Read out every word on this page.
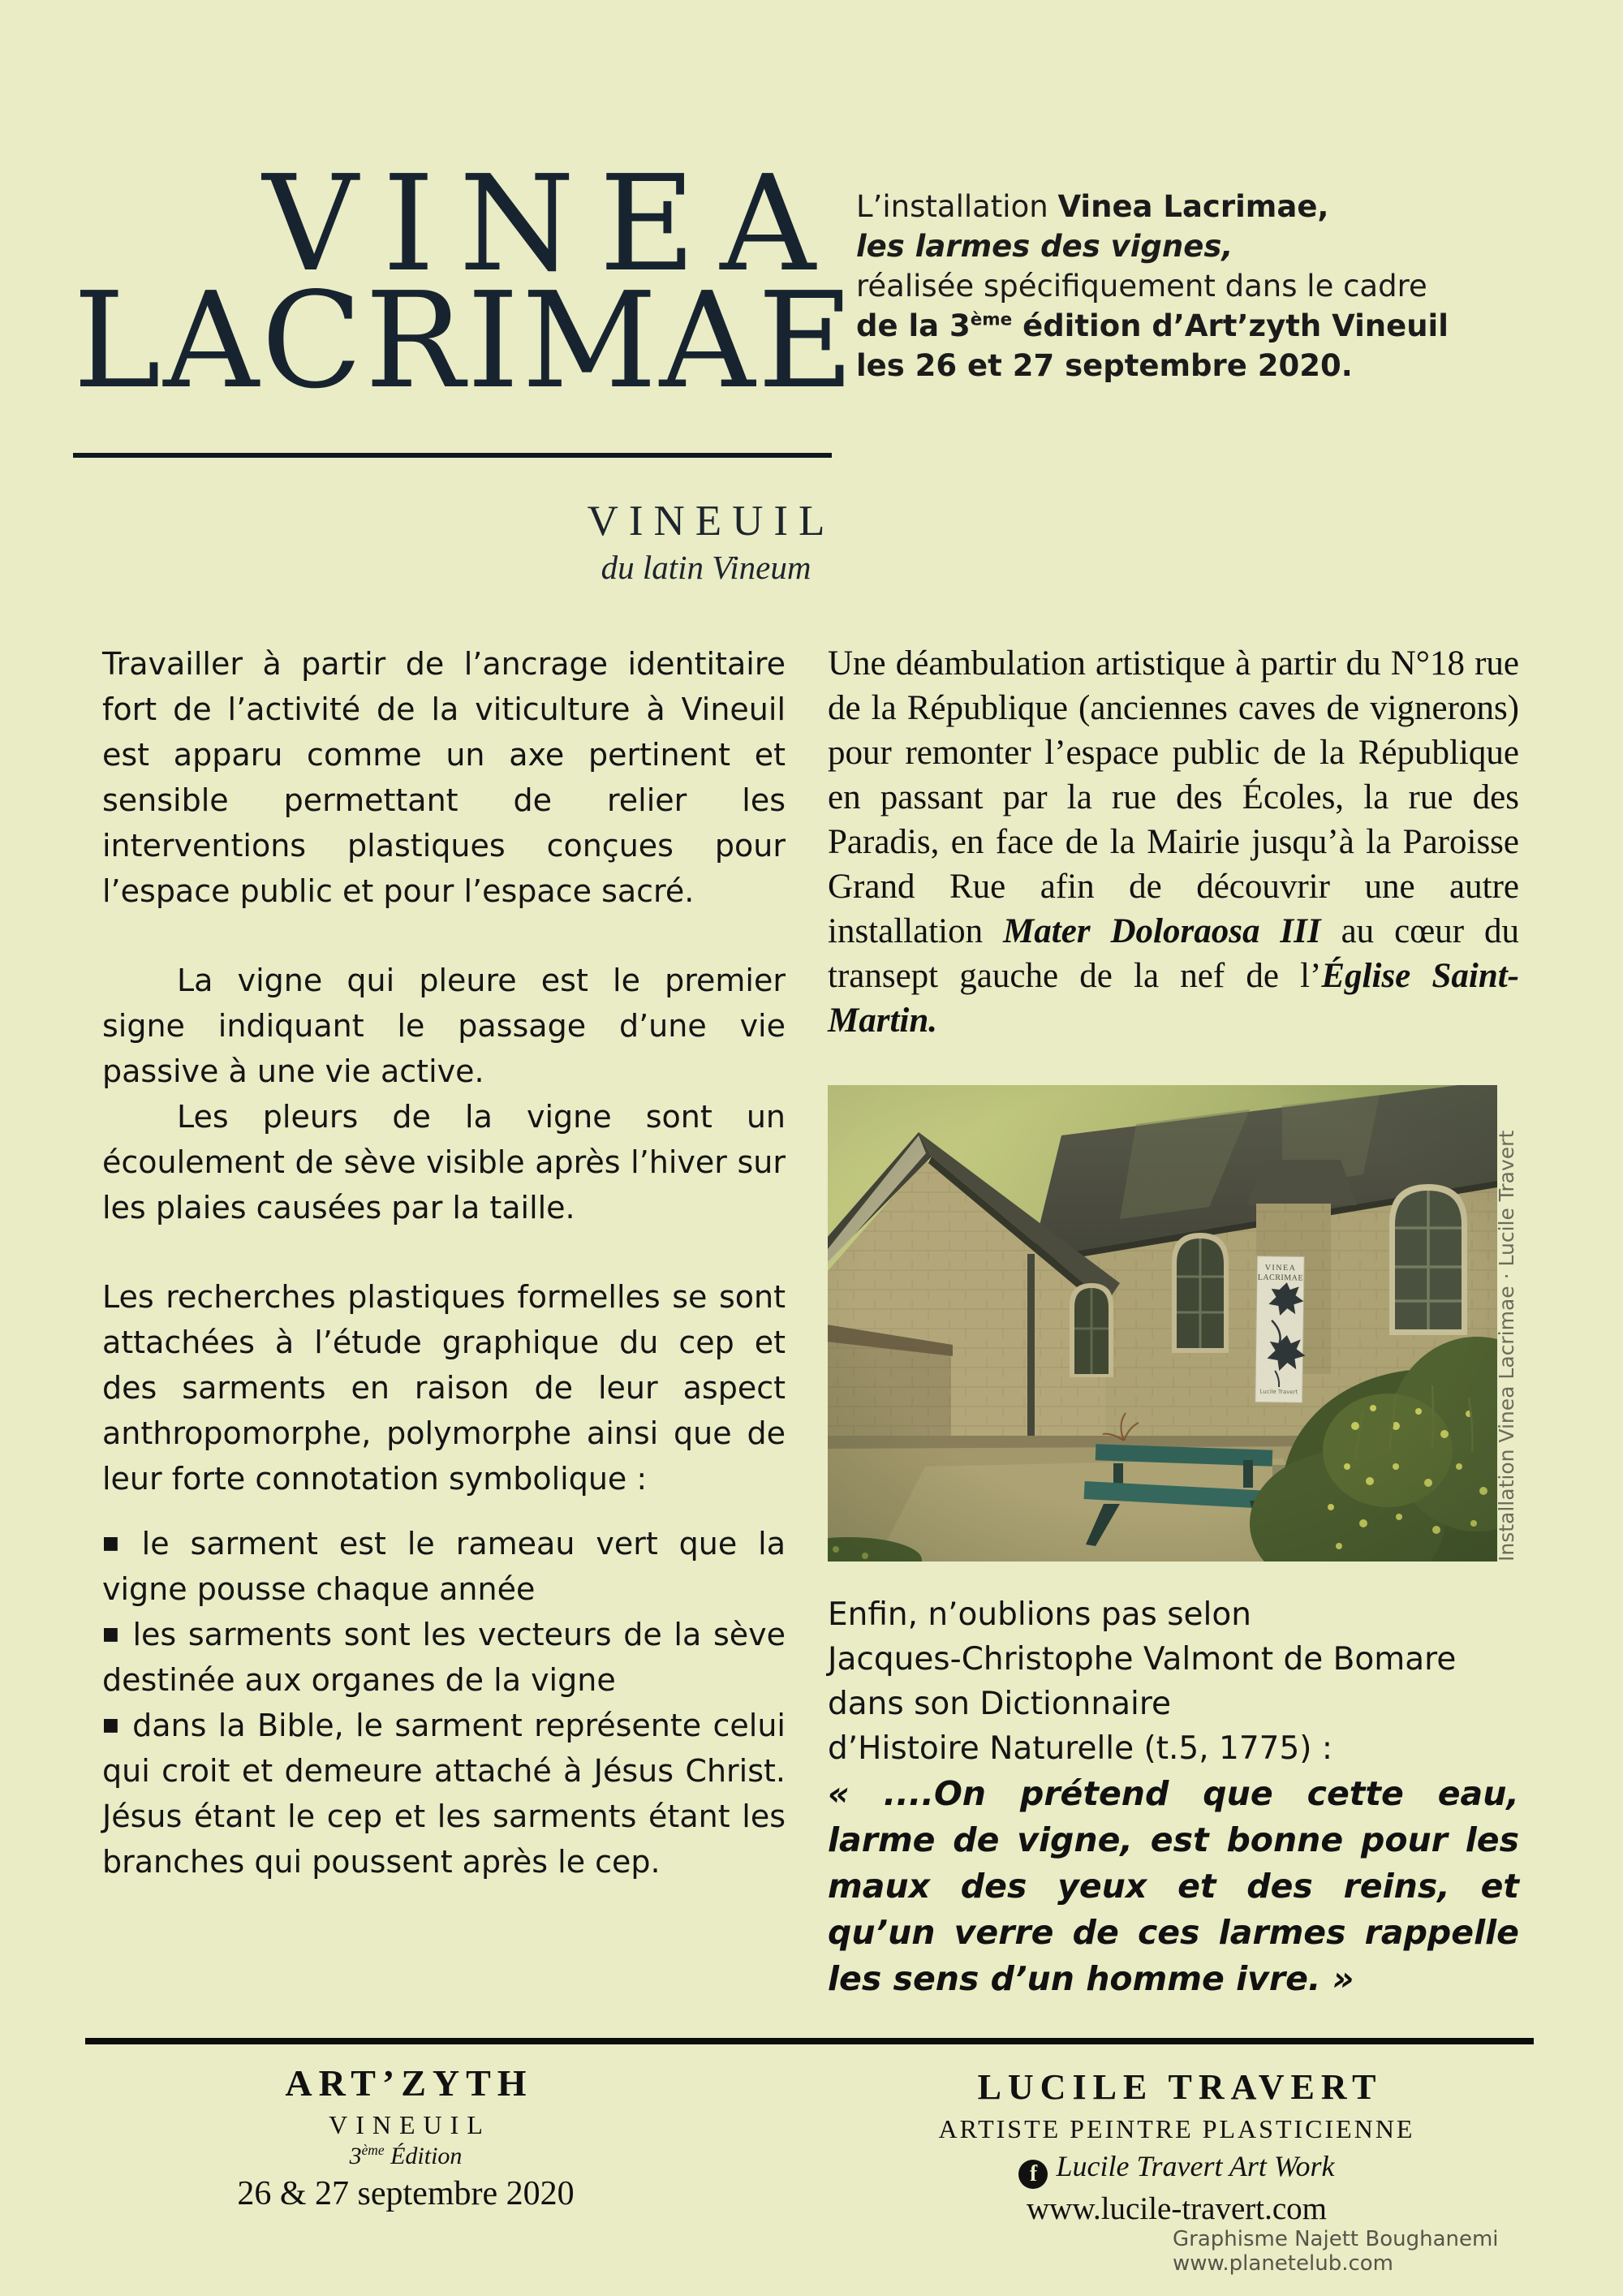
VINEA
LACRIMAE
L’installation Vinea Lacrimae,
les larmes des vignes,
réalisée spécifiquement dans le cadre
de la 3ème édition d’Art’zyth Vineuil
les 26 et 27 septembre 2020.
VINEUIL
du latin Vineum

Travailler à partir de l’ancrage identitaire fort de l’activité de la viticulture à Vineuil est apparu comme un axe pertinent et sensible permettant de relier les interventions plastiques conçues pour l’espace public et pour l’espace sacré.

La vigne qui pleure est le premier signe indiquant le passage d’une vie passive à une vie active.

Les pleurs de la vigne sont un écoulement de sève visible après l’hiver sur les plaies causées par la taille.

Les recherches plastiques formelles se sont attachées à l’étude graphique du cep et des sarments en raison de leur aspect anthropomorphe, polymorphe ainsi que de leur forte connotation symbolique :

■ le sarment est le rameau vert que la vigne pousse chaque année

■ les sarments sont les vecteurs de la sève destinée aux organes de la vigne

■ dans la Bible, le sarment représente celui qui croit et demeure attaché à Jésus Christ. Jésus étant le cep et les sarments étant les branches qui poussent après le cep.

Une déambulation artistique à partir du N°18 rue de la République (anciennes caves de vignerons) pour remonter l’espace public de la République en passant par la rue des Écoles, la rue des Paradis, en face de la Mairie jusqu’à la Paroisse Grand Rue afin de découvrir une autre installation Mater Doloraosa III au cœur du transept gauche de la nef de l’Église Saint- Martin.

Installation Vinea Lacrimae · Lucile Travert
Enfin, n’oublions pas selon
Jacques-Christophe Valmont de Bomare
dans son Dictionnaire
d’Histoire Naturelle (t.5, 1775) :

« ....On prétend que cette eau, larme de vigne, est bonne pour les maux des yeux et des reins, et qu’un verre de ces larmes rappelle les sens d’un homme ivre. »

ART’ZYTH
VINEUIL
3ème Édition
26 & 27 septembre 2020
LUCILE TRAVERT
ARTISTE PEINTRE PLASTICIENNE
f Lucile Travert Art Work
www.lucile-travert.com
Graphisme Najett Boughanemi www.planetelub.com
